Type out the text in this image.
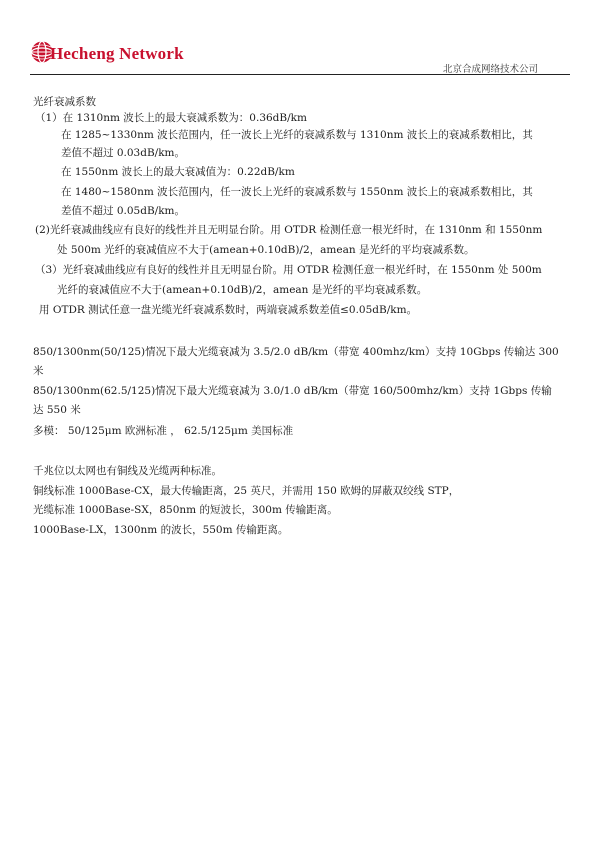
Hecheng Network
北京合成网络技术公司
光纤衰减系数
（1）在 1310nm 波长上的最大衰减系数为：0.36dB/km
在 1285~1330nm 波长范围内，任一波长上光纤的衰减系数与 1310nm 波长上的衰减系数相比，其
差值不超过 0.03dB/km。
在 1550nm 波长上的最大衰减值为：0.22dB/km
在 1480~1580nm 波长范围内，任一波长上光纤的衰减系数与 1550nm 波长上的衰减系数相比，其
差值不超过 0.05dB/km。
(2)光纤衰减曲线应有良好的线性并且无明显台阶。用 OTDR 检测任意一根光纤时，在 1310nm 和 1550nm
处 500m 光纤的衰减值应不大于(amean+0.10dB)/2，amean 是光纤的平均衰减系数。
（3）光纤衰减曲线应有良好的线性并且无明显台阶。用 OTDR 检测任意一根光纤时，在 1550nm 处 500m
光纤的衰减值应不大于(amean+0.10dB)/2，amean 是光纤的平均衰减系数。
用 OTDR 测试任意一盘光缆光纤衰减系数时，两端衰减系数差值≤0.05dB/km。
850/1300nm(50/125)情况下最大光缆衰减为 3.5/2.0 dB/km（带宽 400mhz/km）支持 10Gbps 传输达 300
米
850/1300nm(62.5/125)情况下最大光缆衰减为 3.0/1.0 dB/km（带宽 160/500mhz/km）支持 1Gbps 传输
达 550 米
多模： 50/125μm 欧洲标准 ， 62.5/125μm 美国标准
千兆位以太网也有铜线及光缆两种标准。
铜线标准 1000Base-CX，最大传输距离，25 英尺，并需用 150 欧姆的屏蔽双绞线 STP，
光缆标准 1000Base-SX，850nm 的短波长，300m 传输距离。
1000Base-LX，1300nm 的波长，550m 传输距离。
